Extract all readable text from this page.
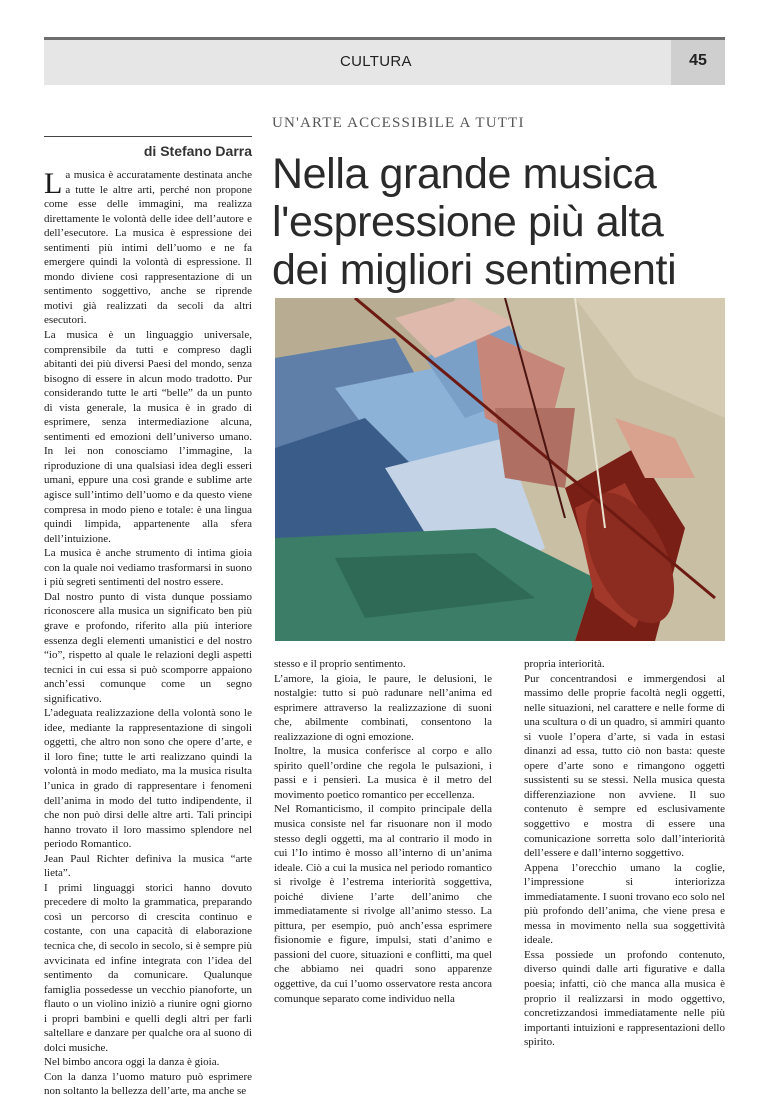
CULTURA	45
UN'ARTE ACCESSIBILE A TUTTI
di Stefano Darra Nella grande musica
l'espressione più alta
dei migliori sentimenti

La musica è accuratamente destinata anche a tutte le altre arti, perché non propone come esse delle immagini, ma realizza direttamente le volontà delle idee dell’autore e dell’esecutore. La musica è espressione dei sentimenti più intimi dell’uomo e ne fa emergere quindi la volontà di espressione. Il mondo diviene così rappresentazione di un sentimento soggettivo, anche se riprende motivi già realizzati da secoli da altri esecutori.

La musica è un linguaggio universale, comprensibile da tutti e compreso dagli abitanti dei più diversi Paesi del mondo, senza bisogno di essere in alcun modo tradotto. Pur considerando tutte le arti “belle” da un punto di vista generale, la musica è in grado di esprimere, senza intermediazione alcuna, sentimenti ed emozioni dell’universo umano. In lei non conosciamo l’immagine, la riproduzione di una qualsiasi idea degli esseri umani, eppure una così grande e sublime arte agisce sull’intimo dell’uomo e da questo viene compresa in modo pieno e totale: è una lingua quindi limpida, appartenente alla sfera dell’intuizione.

La musica è anche strumento di intima gioia con la quale noi vediamo trasformarsi in suono i più segreti sentimenti del nostro essere.

Dal nostro punto di vista dunque possiamo riconoscere alla musica un significato ben più grave e profondo, riferito alla più interiore essenza degli elementi umanistici e del nostro “io”, rispetto al quale le relazioni degli aspetti tecnici in cui essa si può scomporre appaiono anch’essi comunque come un segno significativo.

L’adeguata realizzazione della volontà sono le idee, mediante la rappresentazione di singoli oggetti, che altro non sono che opere d’arte, e il loro fine; tutte le arti realizzano quindi la volontà in modo mediato, ma la musica risulta l’unica in grado di rappresentare i fenomeni dell’anima in modo del tutto indipendente, il che non può dirsi delle altre arti. Tali principi hanno trovato il loro massimo splendore nel periodo Romantico.

Jean Paul Richter definiva la musica “arte lieta”.

I primi linguaggi storici hanno dovuto precedere di molto la grammatica, preparando così un percorso di crescita continuo e costante, con una capacità di elaborazione tecnica che, di secolo in secolo, si è sempre più avvicinata ed infine integrata con l’idea del sentimento da comunicare. Qualunque famiglia possedesse un vecchio pianoforte, un flauto o un violino iniziò a riunire ogni giorno i propri bambini e quelli degli altri per farli saltellare e danzare per qualche ora al suono di dolci musiche.

Nel bimbo ancora oggi la danza è gioia.

Con la danza l’uomo maturo può esprimere non soltanto la bellezza dell’arte, ma anche se

stesso e il proprio sentimento.

L’amore, la gioia, le paure, le delusioni, le nostalgie: tutto si può radunare nell’anima ed esprimere attraverso la realizzazione di suoni che, abilmente combinati, consentono la realizzazione di ogni emozione.

Inoltre, la musica conferisce al corpo e allo spirito quell’ordine che regola le pulsazioni, i passi e i pensieri. La musica è il metro del movimento poetico romantico per eccellenza.

Nel Romanticismo, il compito principale della musica consiste nel far risuonare non il modo stesso degli oggetti, ma al contrario il modo in cui l’Io intimo è mosso all’interno di un’anima ideale. Ciò a cui la musica nel periodo romantico si rivolge è l’estrema interiorità soggettiva, poiché diviene l’arte dell’animo che immediatamente si rivolge all’animo stesso. La pittura, per esempio, può anch’essa esprimere fisionomie e figure, impulsi, stati d’animo e passioni del cuore, situazioni e conflitti, ma quel che abbiamo nei quadri sono apparenze oggettive, da cui l’uomo osservatore resta ancora comunque separato come individuo nella

propria interiorità.

Pur concentrandosi e immergendosi al massimo delle proprie facoltà negli oggetti, nelle situazioni, nel carattere e nelle forme di una scultura o di un quadro, si ammiri quanto si vuole l’opera d’arte, si vada in estasi dinanzi ad essa, tutto ciò non basta: queste opere d’arte sono e rimangono oggetti sussistenti su se stessi. Nella musica questa differenziazione non avviene. Il suo contenuto è sempre ed esclusivamente soggettivo e mostra di essere una comunicazione sorretta solo dall’interiorità dell’essere e dall’interno soggettivo.

Appena l’orecchio umano la coglie, l’impressione si interiorizza immediatamente. I suoni trovano eco solo nel più profondo dell’anima, che viene presa e messa in movimento nella sua soggettività ideale.

Essa possiede un profondo contenuto, diverso quindi dalle arti figurative e dalla poesia; infatti, ciò che manca alla musica è proprio il realizzarsi in modo oggettivo, concretizzandosi immediatamente nelle più importanti intuizioni e rappresentazioni dello spirito.
